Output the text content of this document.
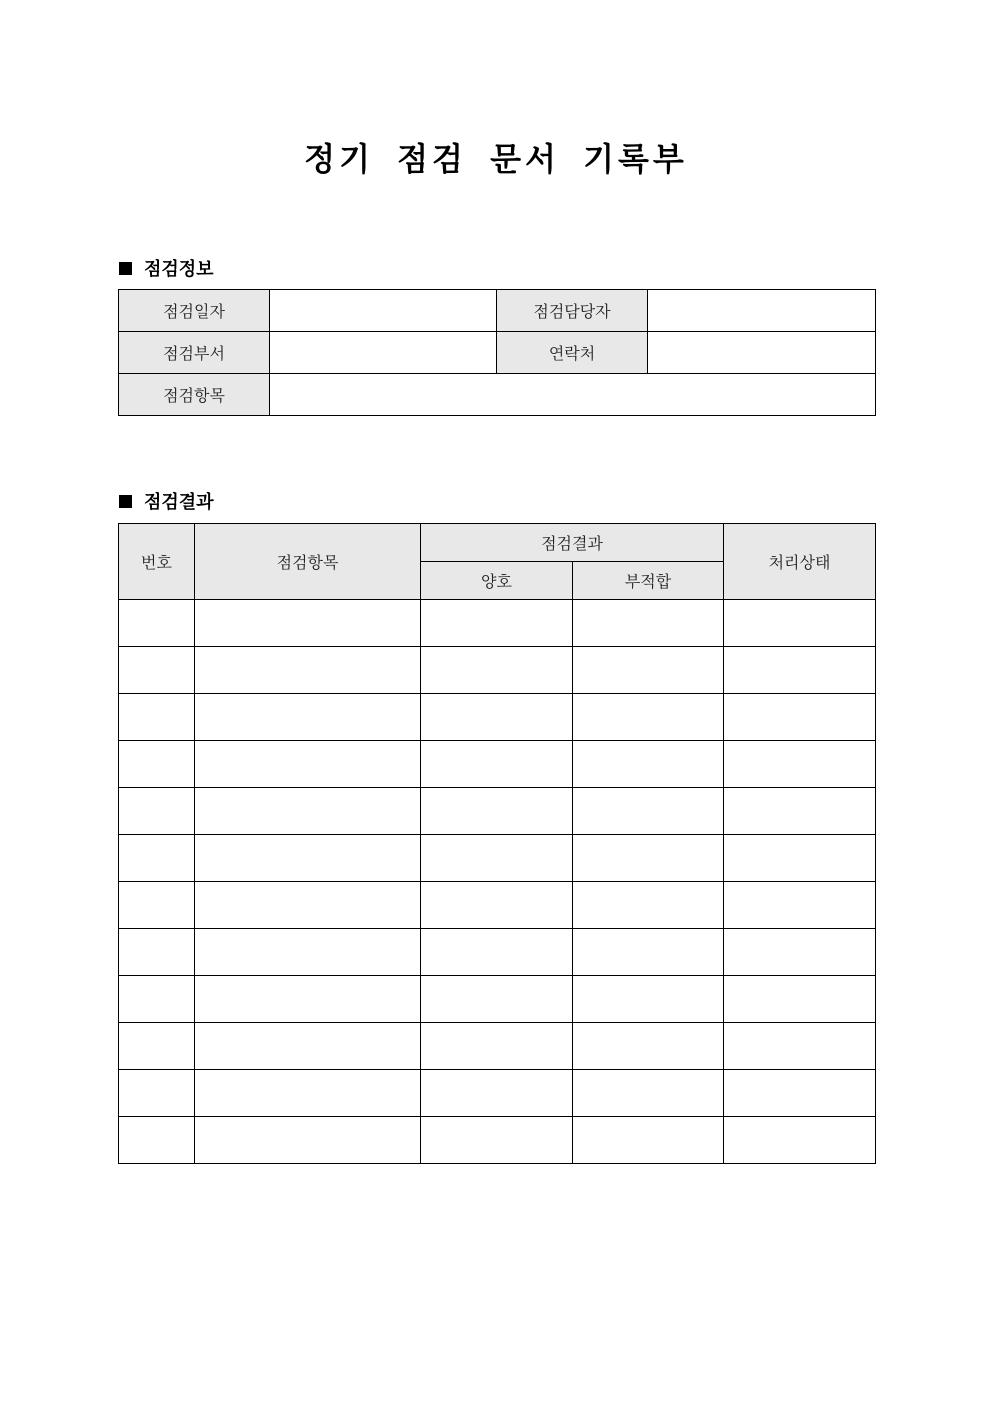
정기 점검 문서 기록부
점검정보
점검일자		점검담당자	
점검부서		연락처	
점검항목			
점검결과
번호	점검항목	점검결과		처리상태
		양호	부적합	
